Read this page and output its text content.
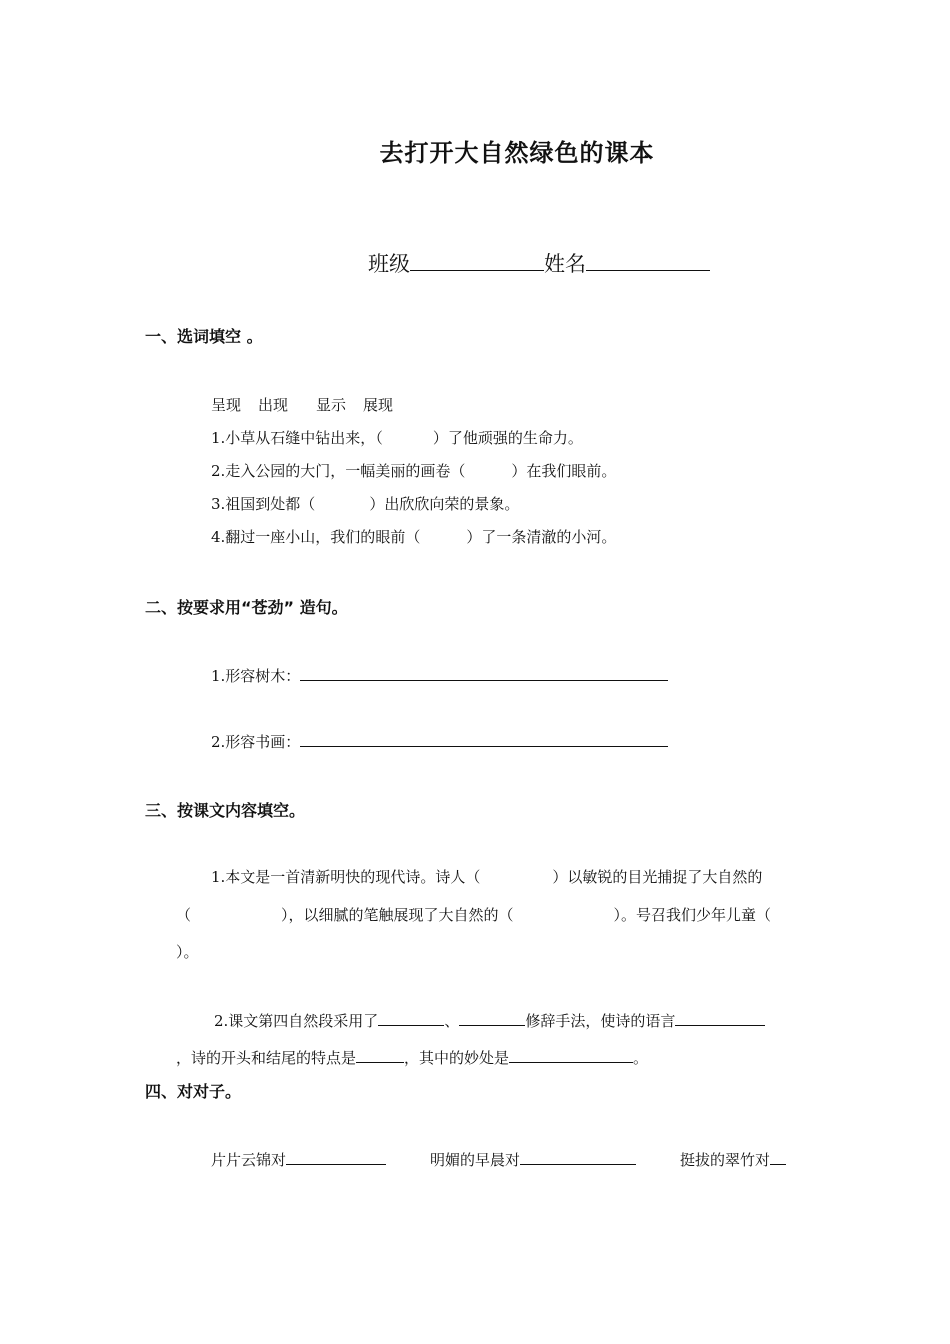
去打开大自然绿色的课本
班级	姓名
一、选词填空 。
呈现 出现 显示 展现
1.小草从石缝中钻出来，（	）了他顽强的生命力。
2.走入公园的大门，一幅美丽的画卷（	）在我们眼前。
3.祖国到处都（	）出欣欣向荣的景象。
4.翻过一座小山，我们的眼前（	）了一条清澈的小河。
二、按要求用“苍劲” 造句。
1.形容树木：
2.形容书画：
三、按课文内容填空。
1.本文是一首清新明快的现代诗。诗人（	）以敏锐的目光捕捉了大自然的
（	），以细腻的笔触展现了大自然的（	）。号召我们少年儿童（
）。
2.课文第四自然段采用了	、	修辞手法，使诗的语言
，诗的开头和结尾的特点是	，其中的妙处是	。
四、对对子。
片片云锦对	明媚的早晨对	挺拔的翠竹对
